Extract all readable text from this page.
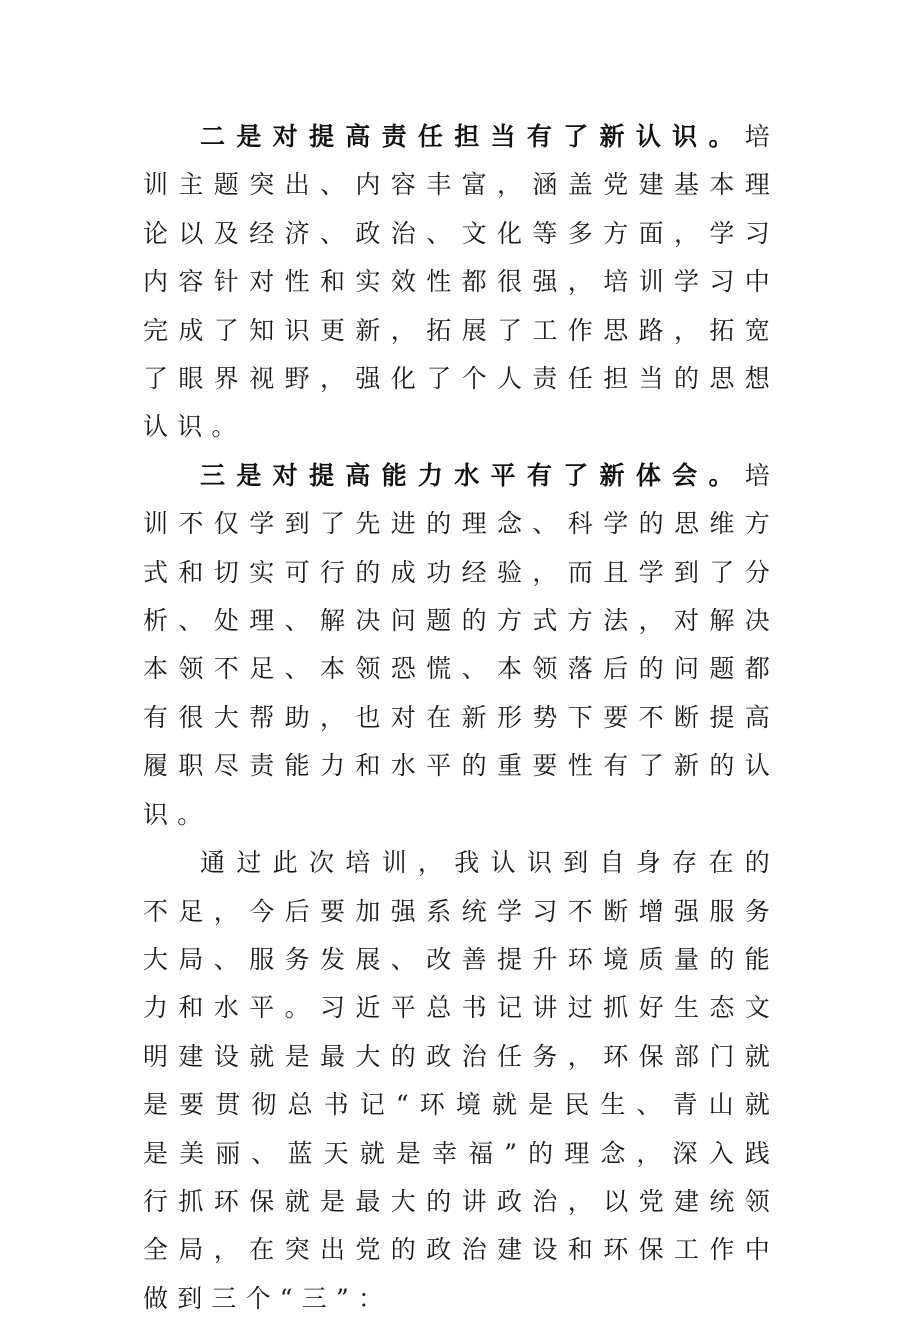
二是对提高责任担当有了新认识。培训主题突出、内容丰富，涵盖党建基本理论以及经济、政治、文化等多方面，学习内容针对性和实效性都很强，培训学习中完成了知识更新，拓展了工作思路，拓宽了眼界视野，强化了个人责任担当的思想认识。

三是对提高能力水平有了新体会。培训不仅学到了先进的理念、科学的思维方式和切实可行的成功经验，而且学到了分析、处理、解决问题的方式方法，对解决本领不足、本领恐慌、本领落后的问题都有很大帮助，也对在新形势下要不断提高履职尽责能力和水平的重要性有了新的认识。

通过此次培训，我认识到自身存在的不足，今后要加强系统学习不断增强服务大局、服务发展、改善提升环境质量的能力和水平。习近平总书记讲过抓好生态文明建设就是最大的政治任务，环保部门就是要贯彻总书记“环境就是民生、青山就是美丽、蓝天就是幸福”的理念，深入践行抓环保就是最大的讲政治，以党建统领全局，在突出党的政治建设和环保工作中做到三个“三”：
